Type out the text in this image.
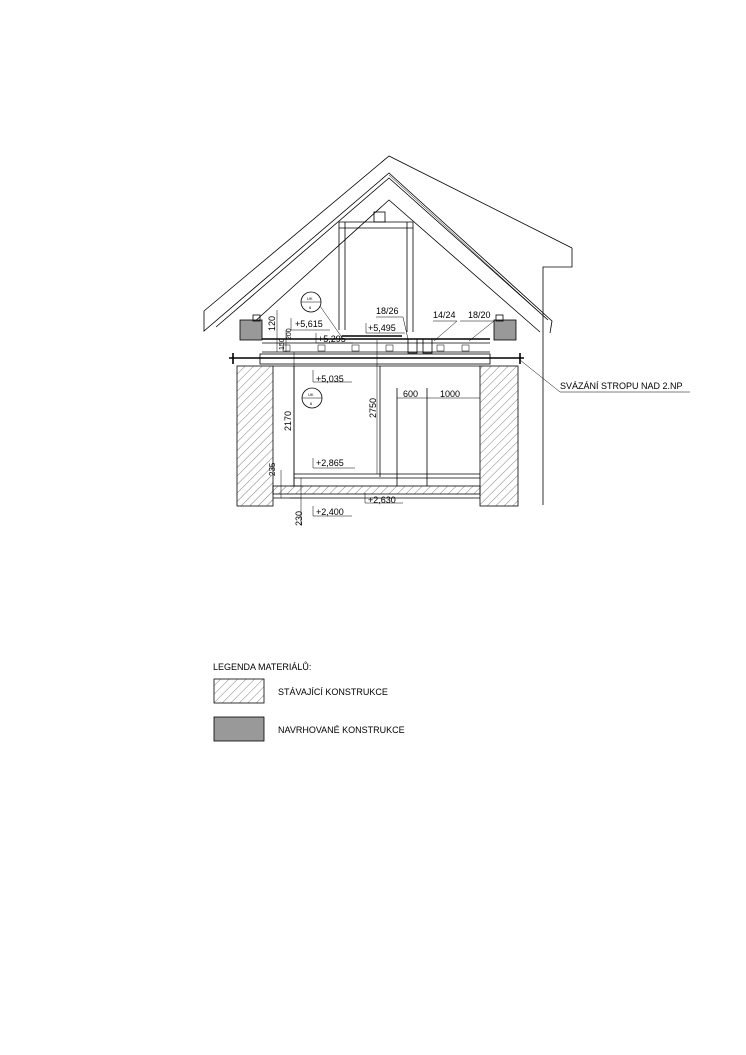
+5,615	+5,495
+5,295
+5,035
+2,865
+2,630
+2,400
120
150
200
2170
2750
600 1000
235
230
18/26	14/24 18/20
UK
6
UK
6
SVÁZÁNÍ STROPU NAD 2.NP
LEGENDA MATERIÁLŮ:
STÁVAJÍCÍ KONSTRUKCE
NAVRHOVANÉ KONSTRUKCE
